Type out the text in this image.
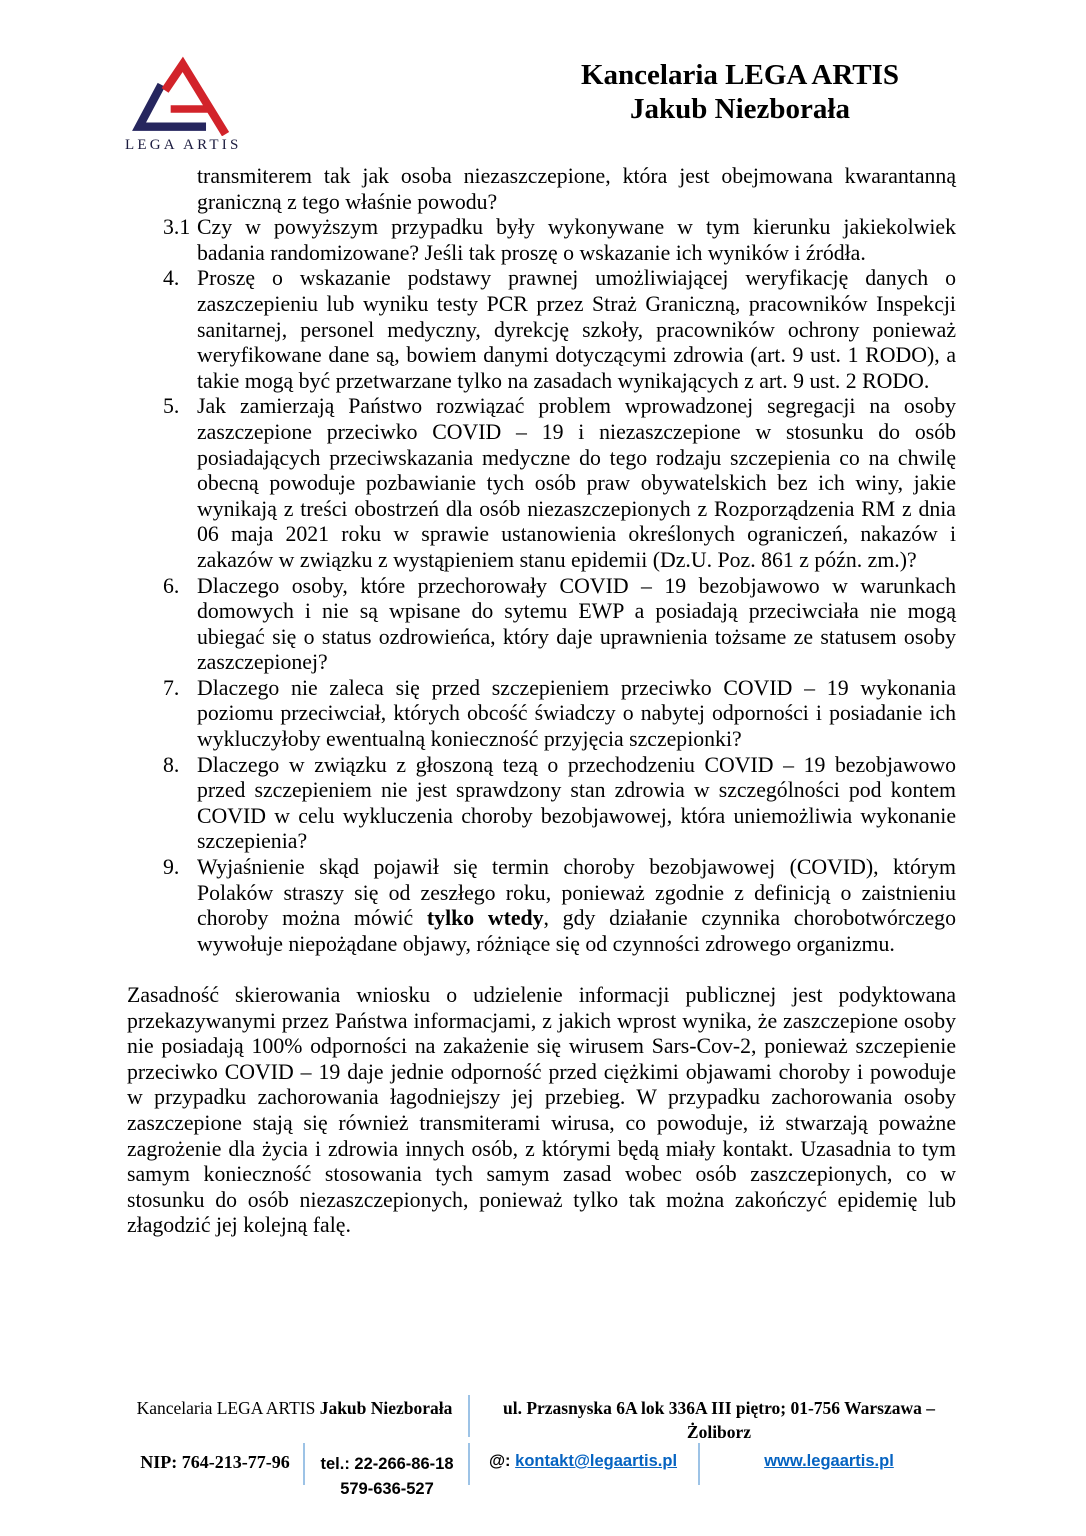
LEGA ARTIS
Kancelaria LEGA ARTIS
Jakub Niezborała

transmiterem tak jak osoba niezaszczepione, która jest obejmowana kwarantanną graniczną z tego właśnie powodu?

3.1 Czy w powyższym przypadku były wykonywane w tym kierunku jakiekolwiek badania randomizowane? Jeśli tak proszę o wskazanie ich wyników i źródła.
4. Proszę o wskazanie podstawy prawnej umożliwiającej weryfikację danych o zaszczepieniu lub wyniku testy PCR przez Straż Graniczną, pracowników Inspekcji sanitarnej, personel medyczny, dyrekcję szkoły, pracowników ochrony ponieważ weryfikowane dane są, bowiem danymi dotyczącymi zdrowia (art. 9 ust. 1 RODO), a takie mogą być przetwarzane tylko na zasadach wynikających z art. 9 ust. 2 RODO.
5. Jak zamierzają Państwo rozwiązać problem wprowadzonej segregacji na osoby zaszczepione przeciwko COVID – 19 i niezaszczepione w stosunku do osób posiadających przeciwskazania medyczne do tego rodzaju szczepienia co na chwilę obecną powoduje pozbawianie tych osób praw obywatelskich bez ich winy, jakie wynikają z treści obostrzeń dla osób niezaszczepionych z Rozporządzenia RM z dnia 06 maja 2021 roku w sprawie ustanowienia określonych ograniczeń, nakazów i zakazów w związku z wystąpieniem stanu epidemii (Dz.U. Poz. 861 z późn. zm.)?
6. Dlaczego osoby, które przechorowały COVID – 19 bezobjawowo w warunkach domowych i nie są wpisane do sytemu EWP a posiadają przeciwciała nie mogą ubiegać się o status ozdrowieńca, który daje uprawnienia tożsame ze statusem osoby zaszczepionej?
7. Dlaczego nie zaleca się przed szczepieniem przeciwko COVID – 19 wykonania poziomu przeciwciał, których obcość świadczy o nabytej odporności i posiadanie ich wykluczyłoby ewentualną konieczność przyjęcia szczepionki?
8. Dlaczego w związku z głoszoną tezą o przechodzeniu COVID – 19 bezobjawowo przed szczepieniem nie jest sprawdzony stan zdrowia w szczególności pod kontem COVID w celu wykluczenia choroby bezobjawowej, która uniemożliwia wykonanie szczepienia?
9. Wyjaśnienie skąd pojawił się termin choroby bezobjawowej (COVID), którym Polaków straszy się od zeszłego roku, ponieważ zgodnie z definicją o zaistnieniu choroby można mówić tylko wtedy, gdy działanie czynnika chorobotwórczego wywołuje niepożądane objawy, różniące się od czynności zdrowego organizmu.

Zasadność skierowania wniosku o udzielenie informacji publicznej jest podyktowana przekazywanymi przez Państwa informacjami, z jakich wprost wynika, że zaszczepione osoby nie posiadają 100% odporności na zakażenie się wirusem Sars-Cov-2, ponieważ szczepienie przeciwko COVID – 19 daje jednie odporność przed ciężkimi objawami choroby i powoduje w przypadku zachorowania łagodniejszy jej przebieg. W przypadku zachorowania osoby zaszczepione stają się również transmiterami wirusa, co powoduje, iż stwarzają poważne zagrożenie dla życia i zdrowia innych osób, z którymi będą miały kontakt. Uzasadnia to tym samym konieczność stosowania tych samym zasad wobec osób zaszczepionych, co w stosunku do osób niezaszczepionych, ponieważ tylko tak można zakończyć epidemię lub złagodzić jej kolejną falę.

Kancelaria LEGA ARTIS Jakub Niezborała	ul. Przasnyska 6A lok 336A III piętro; 01-756 Warszawa – Żoliborz
NIP: 764-213-77-96	tel.: 22-266-86-18
579-636-527
@: kontakt@legaartis.pl	www.legaartis.pl
